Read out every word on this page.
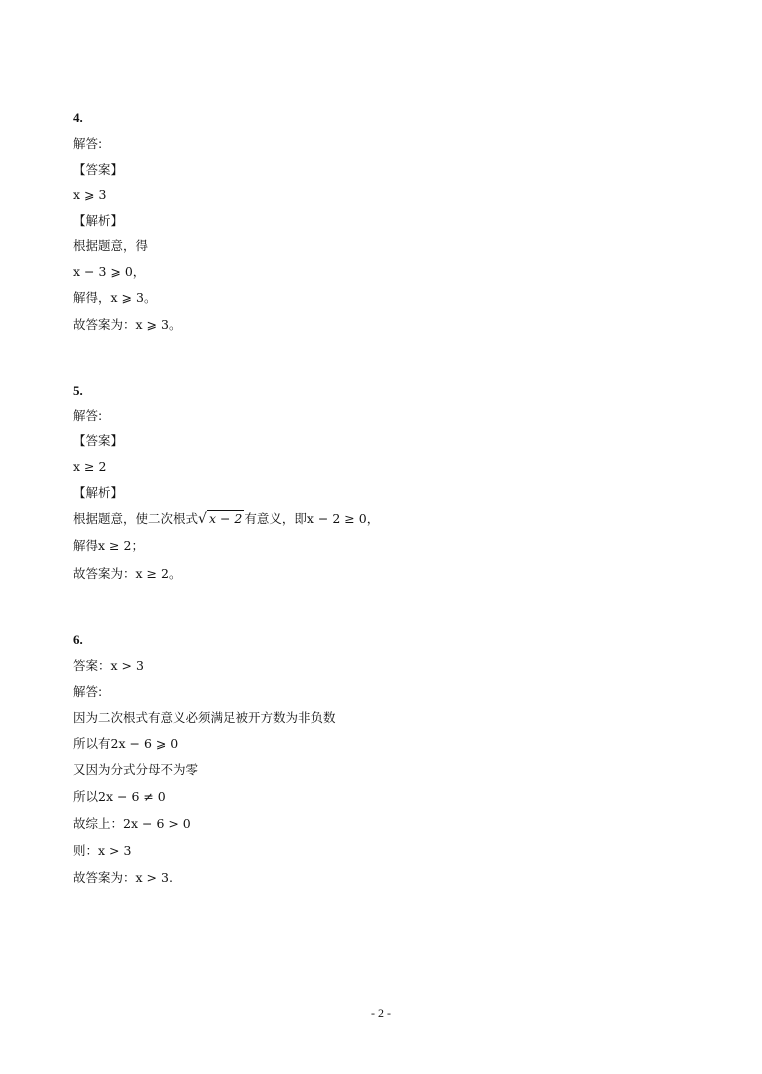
4.
解答:
【答案】
x ⩾ 3
【解析】
根据题意，得
x − 3 ⩾ 0，
解得，x ⩾ 3。
故答案为：x ⩾ 3。
5.
解答:
【答案】
x ≥ 2
【解析】
根据题意，使二次根式√ x − 2 有意义，即x − 2 ≥ 0，
解得x ≥ 2；
故答案为：x ≥ 2。
6.
答案：x > 3
解答:
因为二次根式有意义必须满足被开方数为非负数
所以有2x − 6 ⩾ 0
又因为分式分母不为零
所以2x − 6 ≠ 0
故综上：2x − 6 > 0
则：x > 3
故答案为：x > 3.
- 2 -
